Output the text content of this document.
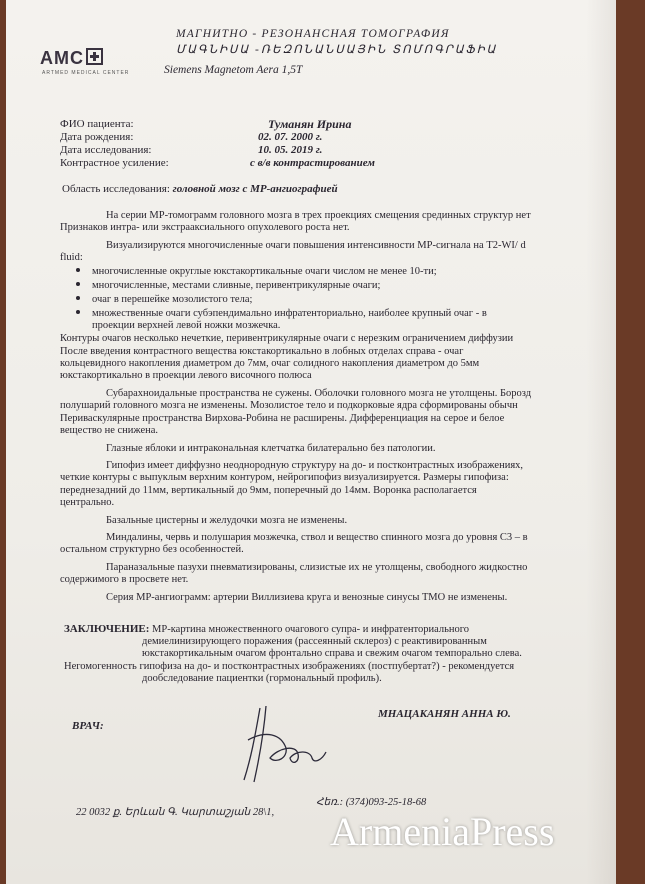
AMC
ARTMED MEDICAL CENTER
МАГНИТНО - РЕЗОНАНСНАЯ ТОМОГРАФИЯ
ՄԱԳՆԻՍԱ -ՌԵԶՈՆԱՆՍԱՅԻՆ ՏՈՄՈԳՐԱՖԻԱ
Siemens Magnetom Aera 1,5T
ФИО пациента:	Туманян Ирина
Дата рождения:	02. 07. 2000 г.
Дата исследования:	10. 05. 2019 г.
Контрастное усиление:	с в/в контрастированием
Область исследования: головной мозг с МР-ангиографией
На серии МР-томограмм головного мозга в трех проекциях смещения срединных структур нет
Признаков интра- или экстрааксиального опухолевого роста нет.
Визуализируются многочисленные очаги повышения интенсивности МР-сигнала на T2-WI/ d
fluid:
многочисленные округлые юкстакортикальные очаги числом не менее 10-ти;
многочисленные, местами сливные, перивентрикулярные очаги;
очаг в перешейке мозолистого тела;
множественные очаги субэпендимально инфратенториально, наиболее крупный очаг - в
проекции верхней левой ножки мозжечка.
Контуры очагов несколько нечеткие, перивентрикулярные очаги с нерезким ограничением диффузии
После введения контрастного вещества юкстакортикально в лобных отделах справа - очаг
кольцевидного накопления диаметром до 7мм, очаг солидного накопления диаметром до 5мм
юкстакортикально в проекции левого височного полюса
Субарахноидальные пространства не сужены. Оболочки головного мозга не утолщены. Борозд
полушарий головного мозга не изменены. Мозолистое тело и подкорковые ядра сформированы обычн
Периваскулярные пространства Вирхова-Робина не расширены. Дифференциация на серое и белое
вещество не снижена.
Глазные яблоки и интракональная клетчатка билатерально без патологии.
Гипофиз имеет диффузно неоднородную структуру на до- и постконтрастных изображениях,
четкие контуры с выпуклым верхним контуром, нейрогипофиз визуализируется. Размеры гипофиза:
переднезадний до 11мм, вертикальный до 9мм, поперечный до 14мм. Воронка располагается
центрально.
Базальные цистерны и желудочки мозга не изменены.
Миндалины, червь и полушария мозжечка, ствол и вещество спинного мозга до уровня C3 – в
остальном структурно без особенностей.
Параназальные пазухи пневматизированы, слизистые их не утолщены, свободного жидкостно
содержимого в просвете нет.
Серия МР-ангиограмм: артерии Виллизиева круга и венозные синусы ТМО не изменены.
ЗАКЛЮЧЕНИЕ: МР-картина множественного очагового супра- и инфратенториального
демиелинизирующего поражения (рассеянный склероз) с реактивированным
юкстакортикальным очагом фронтально справа и свежим очагом темпорально слева.
Негомогенность гипофиза на до- и постконтрастных изображениях (постпубертат?) - рекомендуется
дообследование пациентки (гормональный профиль).
ВРАЧ:
МНАЦАКАНЯН АННА Ю.
22 0032 ք. Երևան Գ. Կարտաշյան 28\1,
Հեռ.: (374)093-25-18-68
ArmeniaPress
